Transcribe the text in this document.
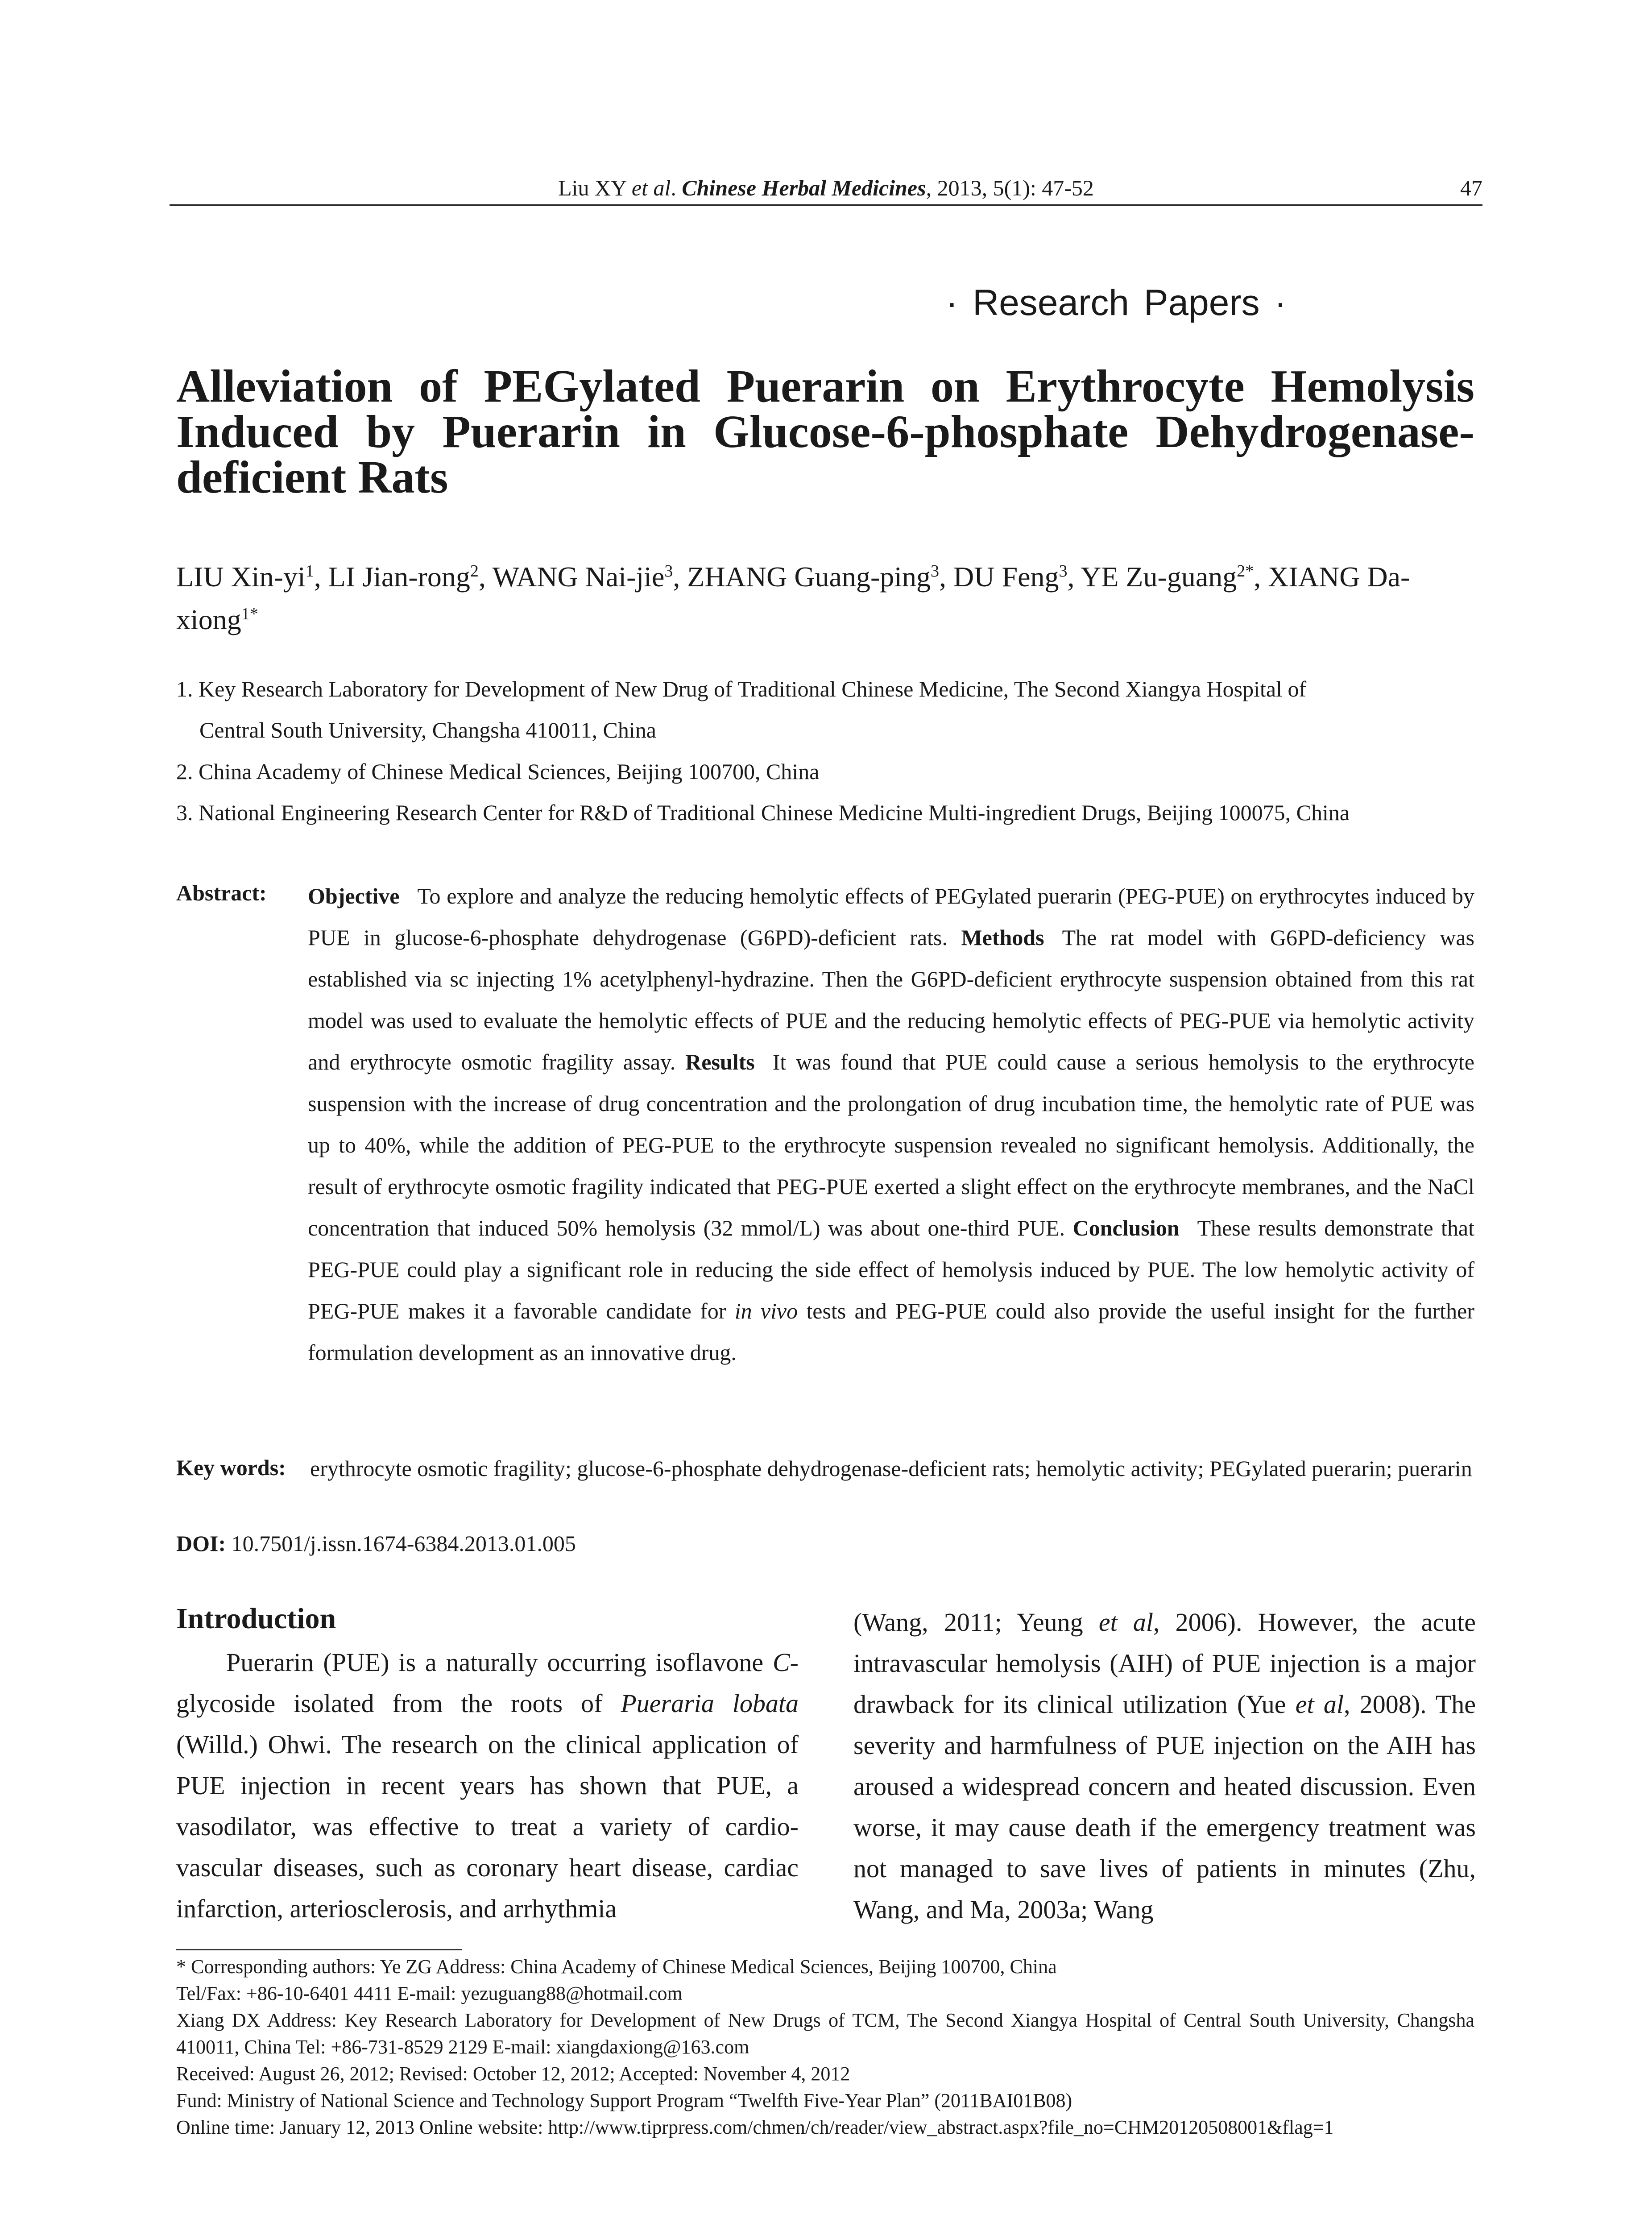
Liu XY et al. Chinese Herbal Medicines, 2013, 5(1): 47-52	47
· Research Papers ·
Alleviation of PEGylated Puerarin on Erythrocyte Hemolysis Induced by Puerarin in Glucose-6-phosphate Dehydrogenase-deficient Rats
LIU Xin-$yi^1$, LI Jian-rong$^2$, WANG Nai-jie$^3$, ZHANG Guang-ping$^3$, DU Feng$^3$, YE Zu-guang$^{2*}$, XIANG Da-xiong$^{1*}$
1. Key Research Laboratory for Development of New Drug of Traditional Chinese Medicine, The Second Xiangya Hospital of
Central South University, Changsha 410011, China
2. China Academy of Chinese Medical Sciences, Beijing 100700, China
3. National Engineering Research Center for R&D of Traditional Chinese Medicine Multi-ingredient Drugs, Beijing 100075, China
Abstract: Objective To explore and analyze the reducing hemolytic effects of PEGylated puerarin (PEG-PUE) on erythrocytes induced by PUE in glucose-6-phosphate dehydrogenase (G6PD)-deficient rats. Methods The rat model with G6PD-deficiency was established via sc injecting 1% acetylphenyl-hydrazine. Then the G6PD-deficient erythrocyte suspension obtained from this rat model was used to evaluate the hemolytic effects of PUE and the reducing hemolytic effects of PEG-PUE via hemolytic activity and erythrocyte osmotic fragility assay. Results It was found that PUE could cause a serious hemolysis to the erythrocyte suspension with the increase of drug concentration and the prolongation of drug incubation time, the hemolytic rate of PUE was up to 40%, while the addition of PEG-PUE to the erythrocyte suspension revealed no significant hemolysis. Additionally, the result of erythrocyte osmotic fragility indicated that PEG-PUE exerted a slight effect on the erythrocyte membranes, and the NaCl concentration that induced 50% hemolysis (32 mmol/L) was about one-third PUE. Conclusion These results demonstrate that PEG-PUE could play a significant role in reducing the side effect of hemolysis induced by PUE. The low hemolytic activity of PEG-PUE makes it a favorable candidate for in vivo tests and PEG-PUE could also provide the useful insight for the further formulation development as an innovative drug.
Key words: erythrocyte osmotic fragility; glucose-6-phosphate dehydrogenase-deficient rats; hemolytic activity; PEGylated puerarin; puerarin
DOI: 10.7501/j.issn.1674-6384.2013.01.005
Introduction
Puerarin (PUE) is a naturally occurring isoflavone C-glycoside isolated from the roots of Pueraria lobata (Willd.) Ohwi. The research on the clinical application of PUE injection in recent years has shown that PUE, a vasodilator, was effective to treat a variety of cardio-vascular diseases, such as coronary heart disease, cardiac infarction, arteriosclerosis, and arrhythmia
(Wang, 2011; Yeung et al, 2006). However, the acute intravascular hemolysis (AIH) of PUE injection is a major drawback for its clinical utilization (Yue et al, 2008). The severity and harmfulness of PUE injection on the AIH has aroused a widespread concern and heated discussion. Even worse, it may cause death if the emergency treatment was not managed to save lives of patients in minutes (Zhu, Wang, and Ma, 2003a; Wang

* Corresponding authors: Ye ZG Address: China Academy of Chinese Medical Sciences, Beijing 100700, China

Tel/Fax: +86-10-6401 4411 E-mail: yezuguang88@hotmail.com

Xiang DX Address: Key Research Laboratory for Development of New Drugs of TCM, The Second Xiangya Hospital of Central South University, Changsha 410011, China Tel: +86-731-8529 2129 E-mail: xiangdaxiong@163.com

Received: August 26, 2012; Revised: October 12, 2012; Accepted: November 4, 2012

Fund: Ministry of National Science and Technology Support Program “Twelfth Five-Year Plan” (2011BAI01B08)

Online time: January 12, 2013 Online website: http://www.tiprpress.com/chmen/ch/reader/view_abstract.aspx?file_no=CHM20120508001&flag=1
